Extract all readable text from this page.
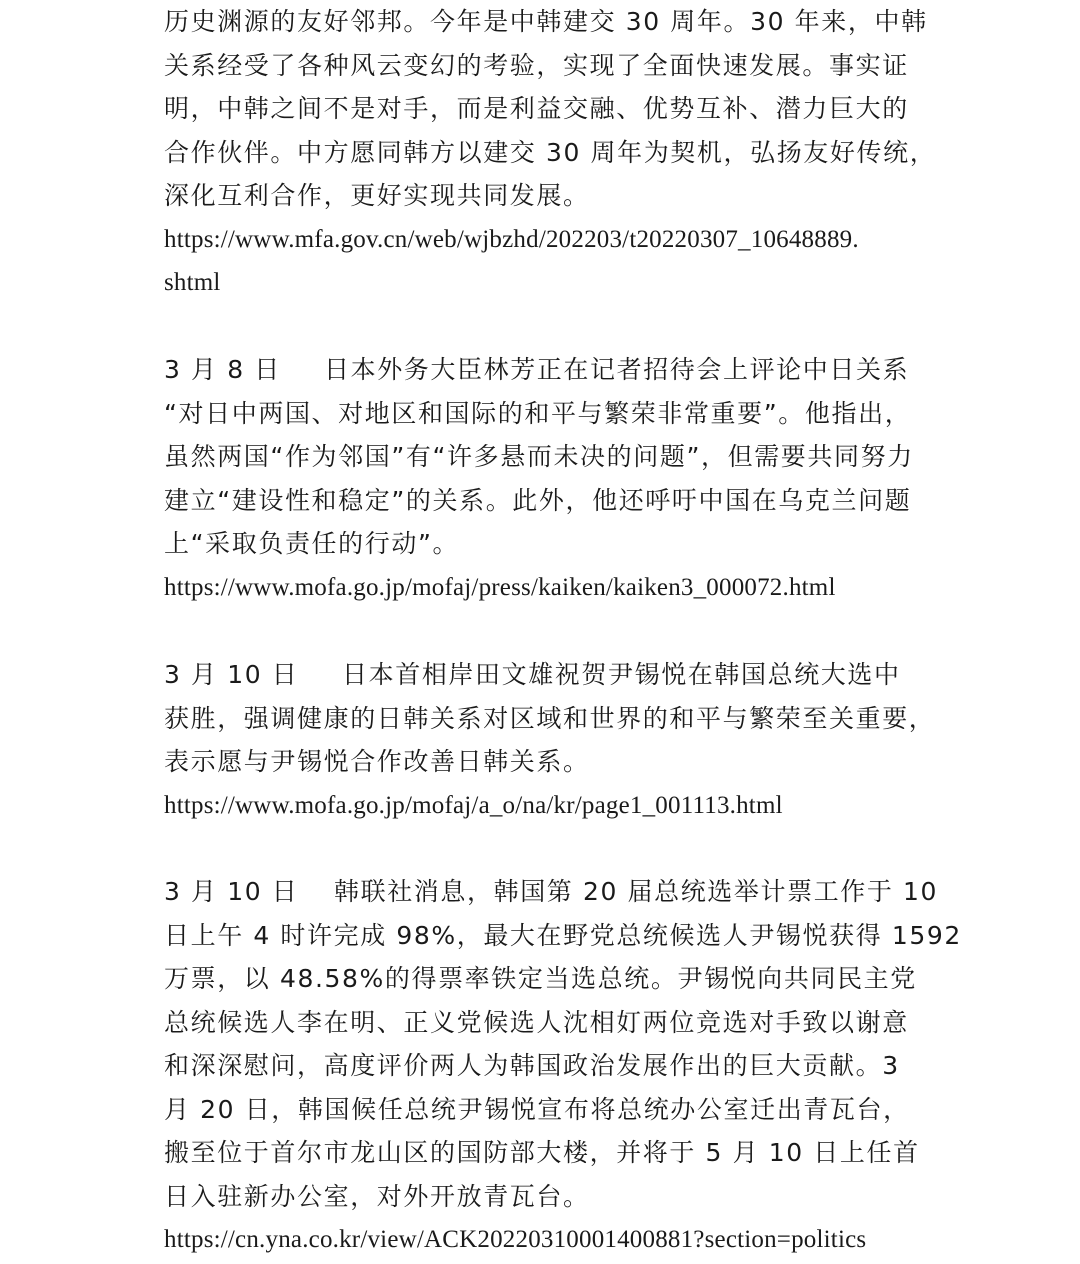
历史渊源的友好邻邦。今年是中韩建交 30 周年。30 年来，中韩
关系经受了各种风云变幻的考验，实现了全面快速发展。事实证
明，中韩之间不是对手，而是利益交融、优势互补、潜力巨大的
合作伙伴。中方愿同韩方以建交 30 周年为契机，弘扬友好传统，
深化互利合作，更好实现共同发展。
https://www.mfa.gov.cn/web/wjbzhd/202203/t20220307_10648889.
shtml
3 月 8 日 日本外务大臣林芳正在记者招待会上评论中日关系
“对日中两国、对地区和国际的和平与繁荣非常重要”。他指出，
虽然两国“作为邻国”有“许多悬而未决的问题”，但需要共同努力
建立“建设性和稳定”的关系。此外，他还呼吁中国在乌克兰问题
上“采取负责任的行动”。
https://www.mofa.go.jp/mofaj/press/kaiken/kaiken3_000072.html
3 月 10 日 日本首相岸田文雄祝贺尹锡悦在韩国总统大选中
获胜，强调健康的日韩关系对区域和世界的和平与繁荣至关重要，
表示愿与尹锡悦合作改善日韩关系。
https://www.mofa.go.jp/mofaj/a_o/na/kr/page1_001113.html
3 月 10 日 韩联社消息，韩国第 20 届总统选举计票工作于 10
日上午 4 时许完成 98%，最大在野党总统候选人尹锡悦获得 1592
万票，以 48.58%的得票率铁定当选总统。尹锡悦向共同民主党
总统候选人李在明、正义党候选人沈相奵两位竞选对手致以谢意
和深深慰问，高度评价两人为韩国政治发展作出的巨大贡献。3
月 20 日，韩国候任总统尹锡悦宣布将总统办公室迁出青瓦台，
搬至位于首尔市龙山区的国防部大楼，并将于 5 月 10 日上任首
日入驻新办公室，对外开放青瓦台。
https://cn.yna.co.kr/view/ACK20220310001400881?section=politics
